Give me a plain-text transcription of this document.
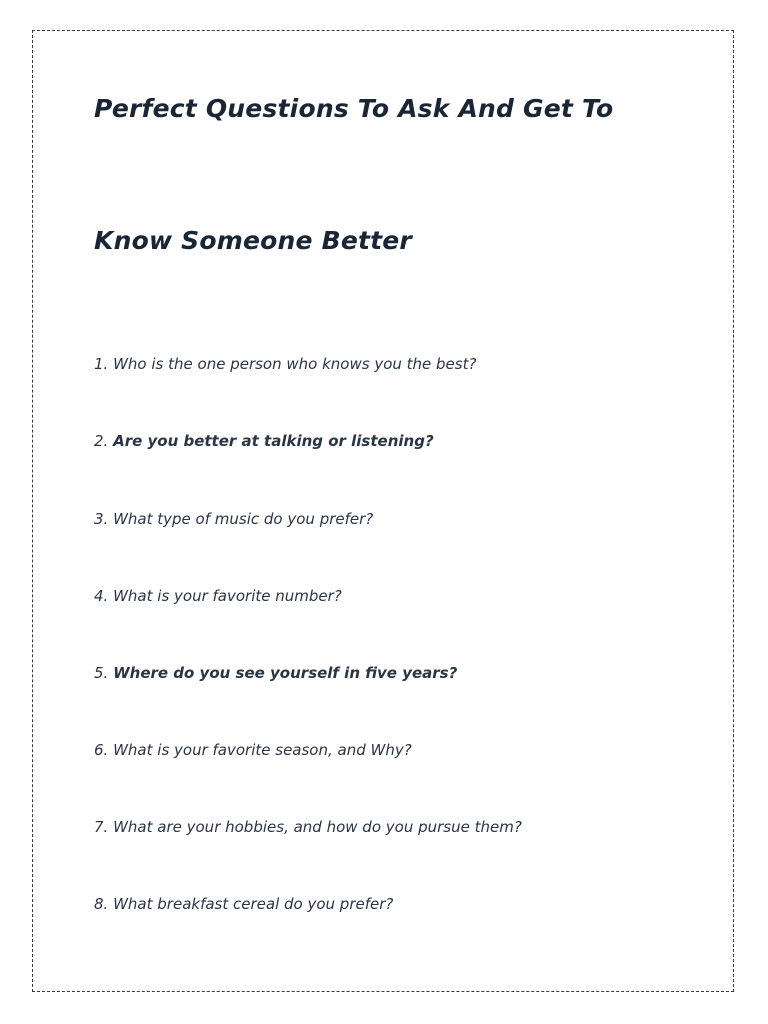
Perfect Questions To Ask And Get To
Know Someone Better

1. Who is the one person who knows you the best?

2. Are you better at talking or listening?

3. What type of music do you prefer?

4. What is your favorite number?

5. Where do you see yourself in five years?

6. What is your favorite season, and Why?

7. What are your hobbies, and how do you pursue them?

8. What breakfast cereal do you prefer?
